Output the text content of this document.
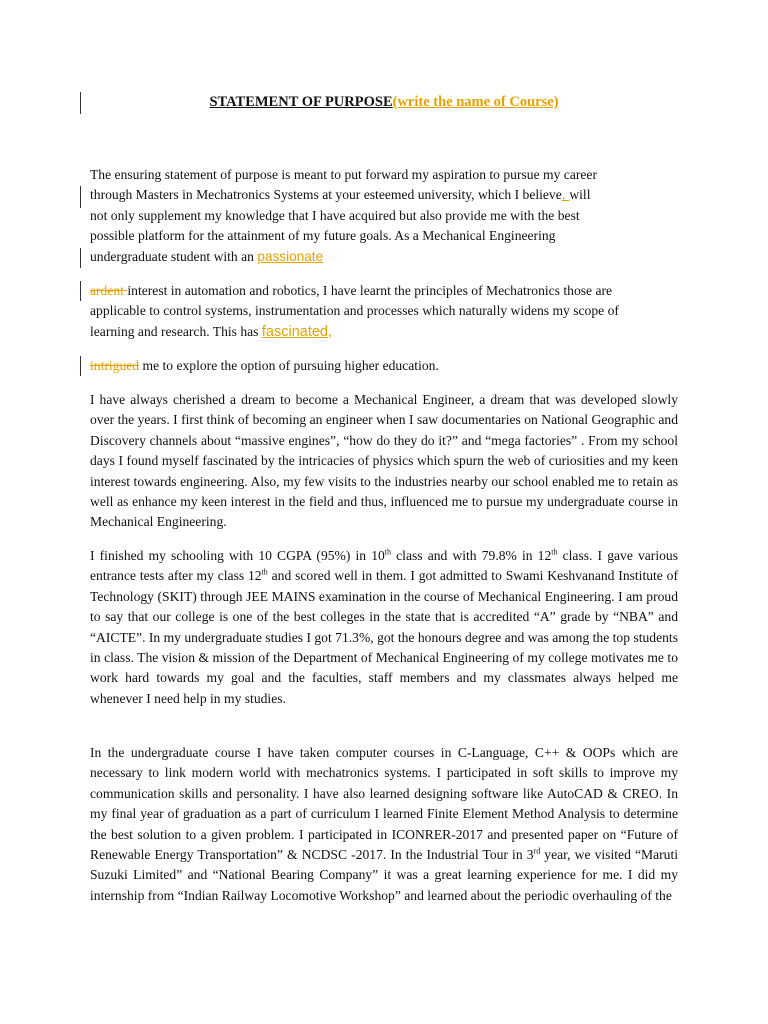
STATEMENT OF PURPOSE(write the name of Course)
The ensuring statement of purpose is meant to put forward my aspiration to pursue my career
through Masters in Mechatronics Systems at your esteemed university, which I believe, will
not only supplement my knowledge that I have acquired but also provide me with the best
possible platform for the attainment of my future goals. As a Mechanical Engineering
undergraduate student with an passionate
ardent interest in automation and robotics, I have learnt the principles of Mechatronics those are
applicable to control systems, instrumentation and processes which naturally widens my scope of
learning and research. This has fascinated,
intrigued me to explore the option of pursuing higher education.
I have always cherished a dream to become a Mechanical Engineer, a dream that was developed slowly over the years. I first think of becoming an engineer when I saw documentaries on National Geographic and Discovery channels about “massive engines”, “how do they do it?” and “mega factories” . From my school days I found myself fascinated by the intricacies of physics which spurn the web of curiosities and my keen interest towards engineering. Also, my few visits to the industries nearby our school enabled me to retain as well as enhance my keen interest in the field and thus, influenced me to pursue my undergraduate course in Mechanical Engineering.
I finished my schooling with 10 CGPA (95%) in 10th class and with 79.8% in 12th class. I gave various entrance tests after my class 12th and scored well in them. I got admitted to Swami Keshvanand Institute of Technology (SKIT) through JEE MAINS examination in the course of Mechanical Engineering. I am proud to say that our college is one of the best colleges in the state that is accredited “A” grade by “NBA” and “AICTE”. In my undergraduate studies I got 71.3%, got the honours degree and was among the top students in class. The vision & mission of the Department of Mechanical Engineering of my college motivates me to work hard towards my goal and the faculties, staff members and my classmates always helped me whenever I need help in my studies.
In the undergraduate course I have taken computer courses in C-Language, C++ & OOPs which are necessary to link modern world with mechatronics systems. I participated in soft skills to improve my communication skills and personality. I have also learned designing software like AutoCAD & CREO. In my final year of graduation as a part of curriculum I learned Finite Element Method Analysis to determine the best solution to a given problem. I participated in ICONRER-2017 and presented paper on “Future of Renewable Energy Transportation” & NCDSC -2017. In the Industrial Tour in 3rd year, we visited “Maruti Suzuki Limited” and “National Bearing Company” it was a great learning experience for me. I did my internship from “Indian Railway Locomotive Workshop” and learned about the periodic overhauling of the
